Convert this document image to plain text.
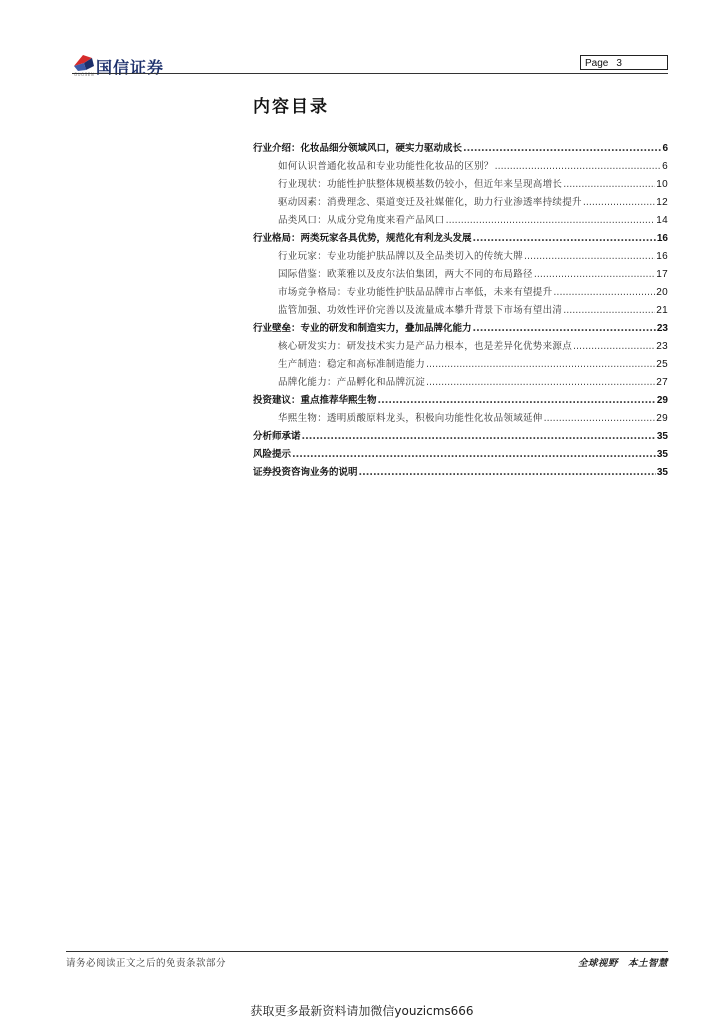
国信证券
GUOSEN
Page 3
内容目录
行业介绍：化妆品细分领域风口，硬实力驱动成长 .....	6
如何认识普通化妆品和专业功能性化妆品的区别？ .....	6
行业现状：功能性护肤整体规模基数仍较小，但近年来呈现高增长 .....	10
驱动因素：消费理念、渠道变迁及社媒催化，助力行业渗透率持续提升 .....	12
品类风口：从成分党角度来看产品风口 .....	14
行业格局：两类玩家各具优势，规范化有利龙头发展 .....	16
行业玩家：专业功能护肤品牌以及全品类切入的传统大牌 .....	16
国际借鉴：欧莱雅以及皮尔法伯集团，两大不同的布局路径 .....	17
市场竞争格局：专业功能性护肤品品牌市占率低，未来有望提升 .....	20
监管加强、功效性评价完善以及流量成本攀升背景下市场有望出清 .....	21
行业壁垒：专业的研发和制造实力，叠加品牌化能力 .....	23
核心研发实力：研发技术实力是产品力根本，也是差异化优势来源点 .....	23
生产制造：稳定和高标准制造能力 .....	25
品牌化能力：产品孵化和品牌沉淀 .....	27
投资建议：重点推荐华熙生物 .....	29
华熙生物：透明质酸原料龙头，积极向功能性化妆品领域延伸 .....	29
分析师承诺 .....	35
风险提示 .....	35
证券投资咨询业务的说明 .....	35
请务必阅读正文之后的免责条款部分	全球视野 本土智慧
获取更多最新资料请加微信youzicms666
